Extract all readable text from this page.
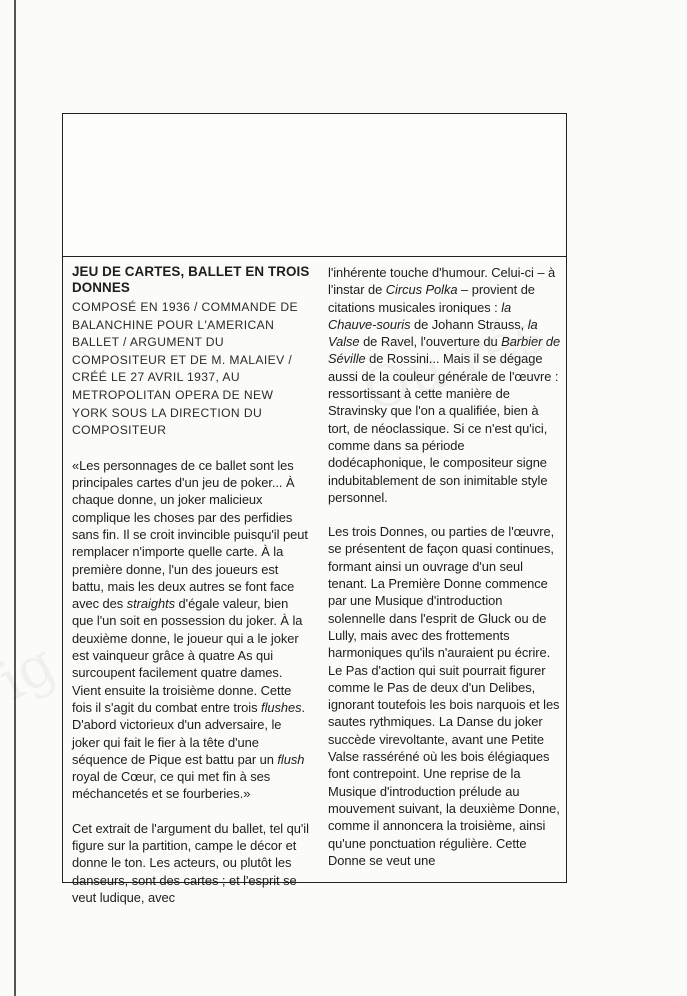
JEU DE CARTES, BALLET EN TROIS DONNES
COMPOSÉ EN 1936 / COMMANDE DE BALANCHINE POUR L'AMERICAN BALLET / ARGUMENT DU COMPOSITEUR ET DE M. MALAIEV / CRÉÉ LE 27 AVRIL 1937, AU METROPOLITAN OPERA DE NEW YORK SOUS LA DIRECTION DU COMPOSITEUR

«Les personnages de ce ballet sont les principales cartes d'un jeu de poker... À chaque donne, un joker malicieux complique les choses par des perfidies sans fin. Il se croit invincible puisqu'il peut remplacer n'importe quelle carte. À la première donne, l'un des joueurs est battu, mais les deux autres se font face avec des straights d'égale valeur, bien que l'un soit en possession du joker. À la deuxième donne, le joueur qui a le joker est vainqueur grâce à quatre As qui surcoupent facilement quatre dames. Vient ensuite la troisième donne. Cette fois il s'agit du combat entre trois flushes. D'abord victorieux d'un adversaire, le joker qui fait le fier à la tête d'une séquence de Pique est battu par un flush royal de Cœur, ce qui met fin à ses méchancetés et se fourberies.»

Cet extrait de l'argument du ballet, tel qu'il figure sur la partition, campe le décor et donne le ton. Les acteurs, ou plutôt les danseurs, sont des cartes ; et l'esprit se veut ludique, avec

l'inhérente touche d'humour. Celui-ci – à l'instar de Circus Polka – provient de citations musicales ironiques : la Chauve-souris de Johann Strauss, la Valse de Ravel, l'ouverture du Barbier de Séville de Rossini... Mais il se dégage aussi de la couleur générale de l'œuvre : ressortissant à cette manière de Stravinsky que l'on a qualifiée, bien à tort, de néoclassique. Si ce n'est qu'ici, comme dans sa période dodécaphonique, le compositeur signe indubitablement de son inimitable style personnel.

Les trois Donnes, ou parties de l'œuvre, se présentent de façon quasi continues, formant ainsi un ouvrage d'un seul tenant. La Première Donne commence par une Musique d'introduction solennelle dans l'esprit de Gluck ou de Lully, mais avec des frottements harmoniques qu'ils n'auraient pu écrire. Le Pas d'action qui suit pourrait figurer comme le Pas de deux d'un Delibes, ignorant toutefois les bois narquois et les sautes rythmiques. La Danse du joker succède virevoltante, avant une Petite Valse rasséréné où les bois élégiaques font contrepoint. Une reprise de la Musique d'introduction prélude au mouvement suivant, la deuxième Donne, comme il annoncera la troisième, ainsi qu'une ponctuation régulière. Cette Donne se veut une
